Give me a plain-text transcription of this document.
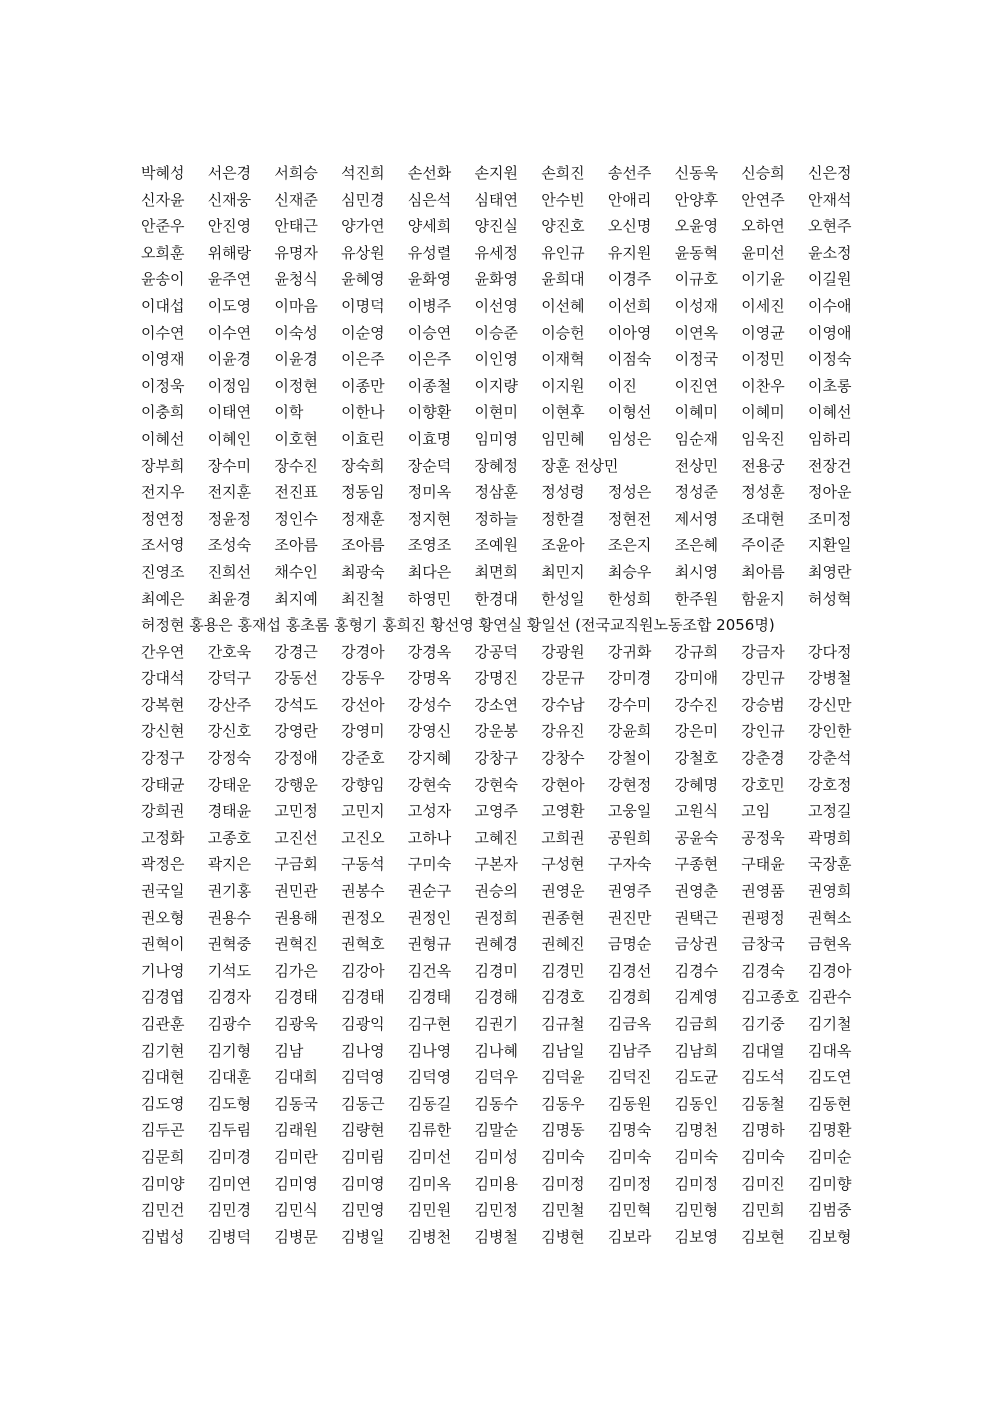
박혜성 서은경 서희승 석진희 손선화 손지원 손희진 송선주 신동욱 신승희 신은정
신자윤 신재웅 신재준 심민경 심은석 심태연 안수빈 안애리 안양후 안연주 안재석
안준우 안진영 안태근 양가연 양세희 양진실 양진호 오신명 오윤영 오하연 오현주
오희훈 위해랑 유명자 유상원 유성렬 유세정 유인규 유지원 윤동혁 윤미선 윤소정
윤송이 윤주연 윤청식 윤혜영 윤화영 윤화영 윤희대 이경주 이규호 이기윤 이길원
이대섭 이도영 이마음 이명덕 이병주 이선영 이선혜 이선희 이성재 이세진 이수애
이수연 이수연 이숙성 이순영 이승연 이승준 이승헌 이아영 이연옥 이영균 이영애
이영재 이윤경 이윤경 이은주 이은주 이인영 이재혁 이점숙 이정국 이정민 이정숙
이정욱 이정임 이정현 이종만 이종철 이지량 이지원 이진	이진연 이찬우 이초롱
이충희 이태연 이학	이한나 이향환 이현미 이현후 이형선 이혜미 이혜미 이혜선
이혜선 이혜인 이호현 이효린 이효명 임미영 임민혜 임성은 임순재 임욱진 임하리
장부희 장수미 장수진 장숙희 장순덕 장혜정 장훈 전상민	전상민 전용궁 전장건
전지우 전지훈 전진표 정동임 정미옥 정삼훈 정성령 정성은 정성준 정성훈 정아운
정연정 정윤정 정인수 정재훈 정지현 정하늘 정한결 정현전 제서영 조대현 조미정
조서영 조성숙 조아름 조아름 조영조 조예원 조윤아 조은지 조은혜 주이준 지환일
진영조 진희선 채수인 최광숙 최다은 최면희 최민지 최승우 최시영 최아름 최영란
최예은 최윤경 최지예 최진철 하영민 한경대 한성일 한성희 한주원 함윤지 허성혁
허정현 홍용은 홍재섭 홍초롬 홍형기 홍희진 황선영 황연실 황일선 (전국교직원노동조합 2056명)
간우연 간호욱 강경근 강경아 강경옥 강공덕 강광원 강귀화 강규희 강금자 강다정
강대석 강덕구 강동선 강동우 강명옥 강명진 강문규 강미경 강미애 강민규 강병철
강복현 강산주 강석도 강선아 강성수 강소연 강수남 강수미 강수진 강승범 강신만
강신현 강신호 강영란 강영미 강영신 강운봉 강유진 강윤희 강은미 강인규 강인한
강정구 강정숙 강정애 강준호 강지혜 강창구 강창수 강철이 강철호 강춘경 강춘석
강태균 강태운 강행운 강향임 강현숙 강현숙 강현아 강현정 강혜명 강호민 강호정
강희권 경태윤 고민정 고민지 고성자 고영주 고영환 고웅일 고원식 고임	고정길
고정화 고종호 고진선 고진오 고하나 고혜진 고희권 공원희 공윤숙 공정욱 곽명희
곽정은 곽지은 구금회 구동석 구미숙 구본자 구성현 구자숙 구종현 구태윤 국장훈
권국일 권기홍 권민관 권봉수 권순구 권승의 권영운 권영주 권영춘 권영품 권영희
권오형 권용수 권용해 권정오 권정인 권정희 권종현 권진만 권택근 권평정 권혁소
권혁이 권혁중 권혁진 권혁호 권형규 권혜경 권혜진 금명순 금상권 금창국 금현옥
기나영 기석도 김가은 김강아 김건옥 김경미 김경민 김경선 김경수 김경숙 김경아
김경엽 김경자 김경태 김경태 김경태 김경해 김경호 김경희 김계영 김고종호 김관수
김관훈 김광수 김광욱 김광익 김구현 김권기 김규철 김금옥 김금희 김기중 김기철
김기현 김기형 김남	김나영 김나영 김나혜 김남일 김남주 김남희 김대열 김대옥
김대현 김대훈 김대희 김덕영 김덕영 김덕우 김덕윤 김덕진 김도균 김도석 김도연
김도영 김도형 김동국 김동근 김동길 김동수 김동우 김동원 김동인 김동철 김동현
김두곤 김두림 김래원 김량현 김류한 김말순 김명동 김명숙 김명천 김명하 김명환
김문희 김미경 김미란 김미림 김미선 김미성 김미숙 김미숙 김미숙 김미숙 김미순
김미양 김미연 김미영 김미영 김미옥 김미용 김미정 김미정 김미정 김미진 김미향
김민건 김민경 김민식 김민영 김민원 김민정 김민철 김민혁 김민형 김민희 김범중
김법성 김병덕 김병문 김병일 김병천 김병철 김병현 김보라 김보영 김보현 김보형
